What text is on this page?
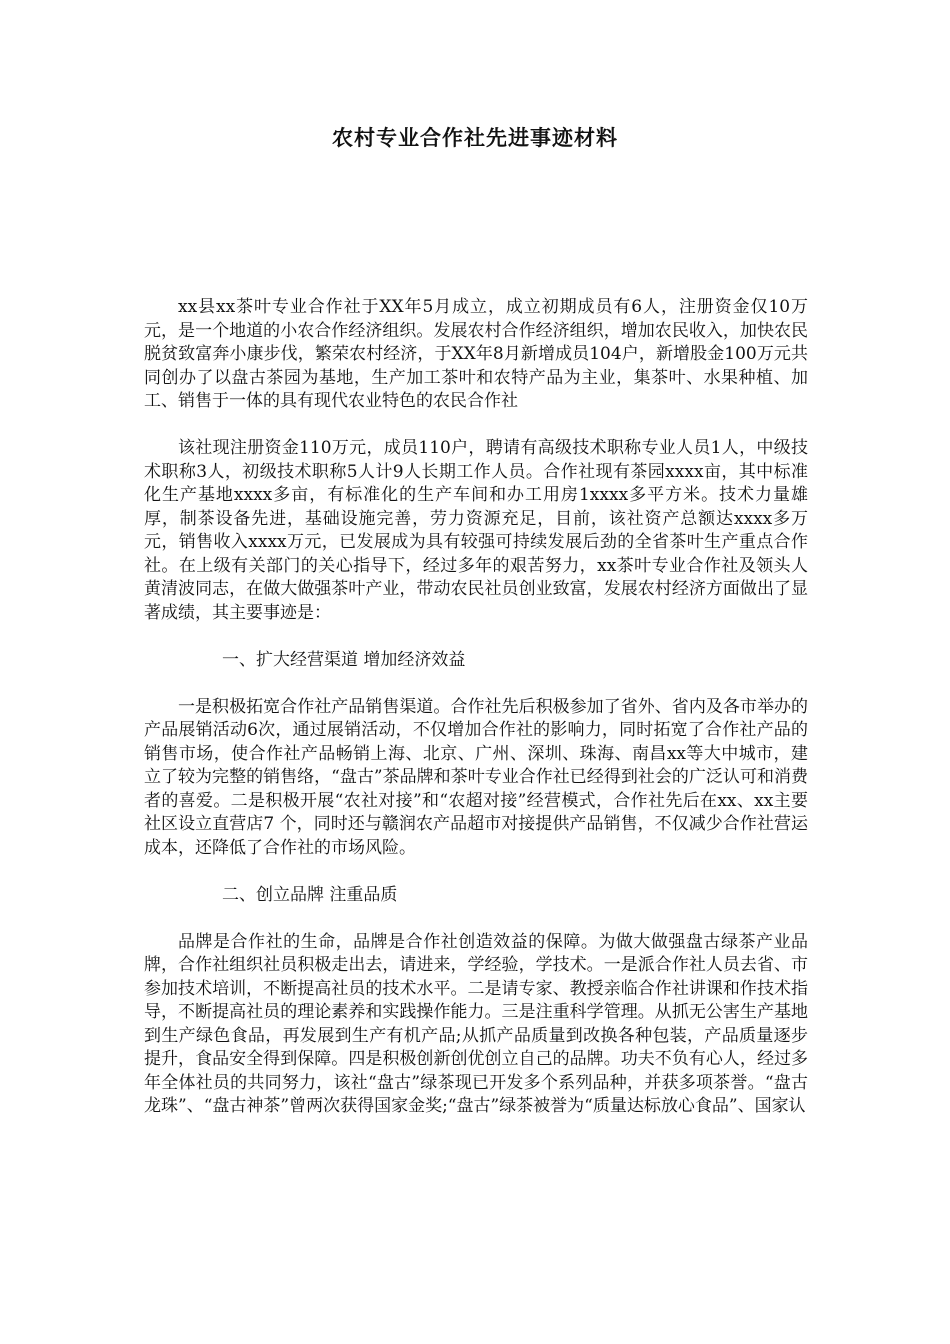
农村专业合作社先进事迹材料

xx县xx茶叶专业合作社于XX年5月成立，成立初期成员有6人，注册资金仅10万元，是一个地道的小农合作经济组织。发展农村合作经济组织，增加农民收入，加快农民脱贫致富奔小康步伐，繁荣农村经济，于XX年8月新增成员104户，新增股金100万元共同创办了以盘古茶园为基地，生产加工茶叶和农特产品为主业，集茶叶、水果种植、加工、销售于一体的具有现代农业特色的农民合作社

该社现注册资金110万元，成员110户，聘请有高级技术职称专业人员1人，中级技术职称3人，初级技术职称5人计9人长期工作人员。合作社现有茶园xxxx亩，其中标准化生产基地xxxx多亩，有标准化的生产车间和办工用房1xxxx多平方米。技术力量雄厚，制茶设备先进，基础设施完善，劳力资源充足，目前，该社资产总额达xxxx多万元，销售收入xxxx万元，已发展成为具有较强可持续发展后劲的全省茶叶生产重点合作社。在上级有关部门的关心指导下，经过多年的艰苦努力，xx茶叶专业合作社及领头人黄清波同志，在做大做强茶叶产业，带动农民社员创业致富，发展农村经济方面做出了显著成绩，其主要事迹是：

一、扩大经营渠道 增加经济效益

一是积极拓宽合作社产品销售渠道。合作社先后积极参加了省外、省内及各市举办的产品展销活动6次，通过展销活动，不仅增加合作社的影响力，同时拓宽了合作社产品的销售市场，使合作社产品畅销上海、北京、广州、深圳、珠海、南昌xx等大中城市，建立了较为完整的销售络，“盘古”茶品牌和茶叶专业合作社已经得到社会的广泛认可和消费者的喜爱。二是积极开展“农社对接”和“农超对接”经营模式，合作社先后在xx、xx主要社区设立直营店7 个，同时还与赣润农产品超市对接提供产品销售，不仅减少合作社营运成本，还降低了合作社的市场风险。

二、创立品牌 注重品质

品牌是合作社的生命，品牌是合作社创造效益的保障。为做大做强盘古绿茶产业品牌，合作社组织社员积极走出去，请进来，学经验，学技术。一是派合作社人员去省、市参加技术培训，不断提高社员的技术水平。二是请专家、教授亲临合作社讲课和作技术指导，不断提高社员的理论素养和实践操作能力。三是注重科学管理。从抓无公害生产基地到生产绿色食品，再发展到生产有机产品;从抓产品质量到改换各种包装，产品质量逐步提升，食品安全得到保障。四是积极创新创优创立自己的品牌。功夫不负有心人，经过多年全体社员的共同努力，该社“盘古”绿茶现已开发多个系列品种，并获多项茶誉。“盘古龙珠”、“盘古神茶”曾两次获得国家金奖;“盘古”绿茶被誉为“质量达标放心食品”、国家认
